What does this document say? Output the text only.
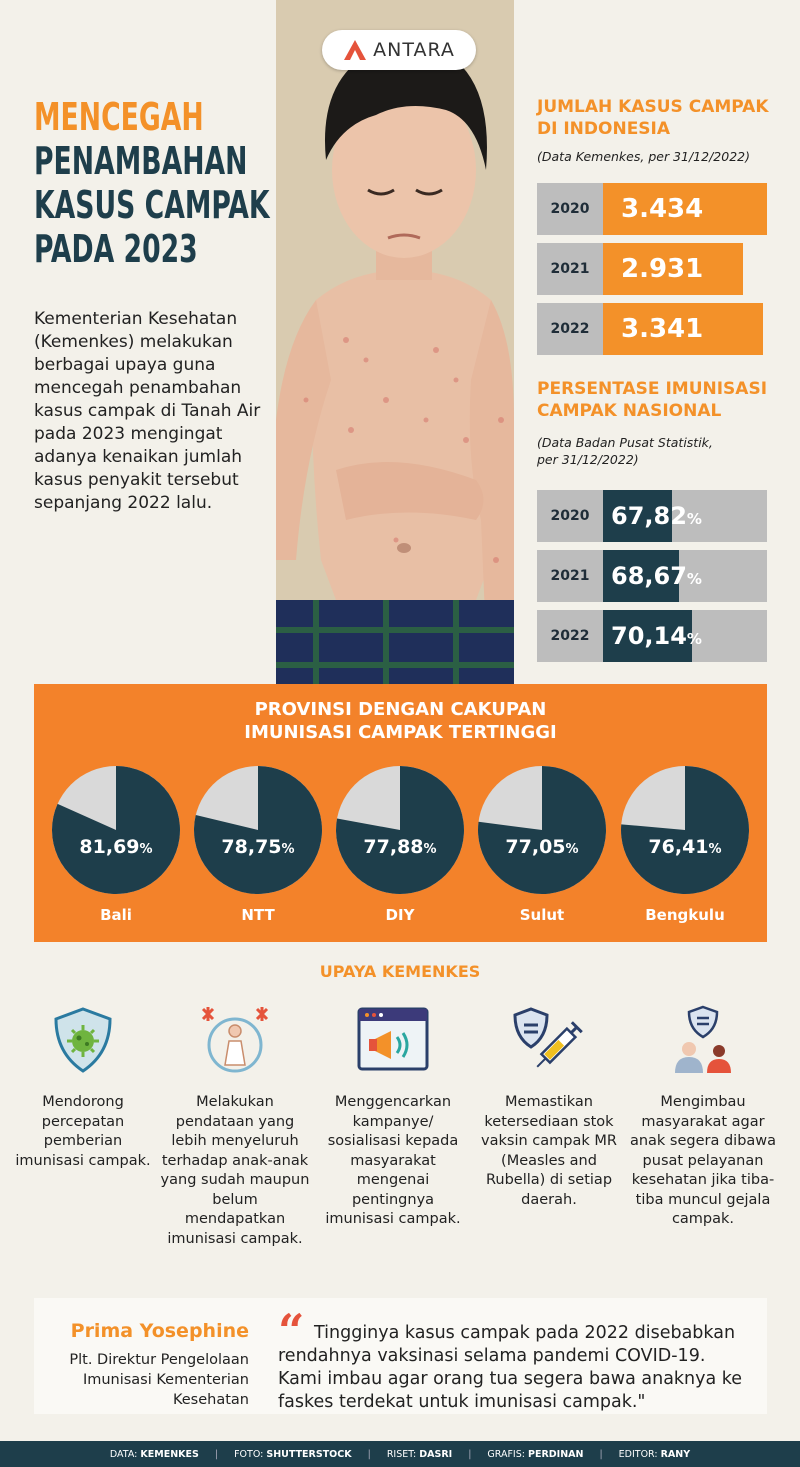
ANTARA
MENCEGAH
PENAMBAHAN
KASUS CAMPAK
PADA 2023
Kementerian Kesehatan (Kemenkes) melakukan berbagai upaya guna mencegah penambahan kasus campak di Tanah Air pada 2023 mengingat adanya kenaikan jumlah kasus penyakit tersebut sepanjang 2022 lalu.
JUMLAH KASUS CAMPAK
DI INDONESIA
(Data Kemenkes, per 31/12/2022)
2020	3.434
2021	2.931
2022	3.341
PERSENTASE IMUNISASI
CAMPAK NASIONAL
(Data Badan Pusat Statistik,
per 31/12/2022)
2020 67,82%
2021 68,67%
2022 70,14%
PROVINSI DENGAN CAKUPAN
IMUNISASI CAMPAK TERTINGGI
81,69%
Bali
78,75%
NTT
77,88%
DIY
77,05%
Sulut
76,41%
Bengkulu
UPAYA KEMENKES
Mendorong percepatan pemberian imunisasi campak.
Melakukan pendataan yang lebih menyeluruh terhadap anak-anak yang sudah maupun belum mendapatkan imunisasi campak.
Menggencarkan kampanye/ sosialisasi kepada masyarakat mengenai pentingnya imunisasi campak.
Memastikan ketersediaan stok vaksin campak MR (Measles and Rubella) di setiap daerah.
Mengimbau masyarakat agar anak segera dibawa pusat pelayanan kesehatan jika tiba-tiba muncul gejala campak.
Prima Yosephine
Plt. Direktur Pengelolaan Imunisasi Kementerian Kesehatan
“ Tingginya kasus campak pada 2022 disebabkan rendahnya vaksinasi selama pandemi COVID-19. Kami imbau agar orang tua segera bawa anaknya ke faskes terdekat untuk imunisasi campak."
DATA: KEMENKES | FOTO: SHUTTERSTOCK | RISET: DASRI | GRAFIS: PERDINAN | EDITOR: RANY
